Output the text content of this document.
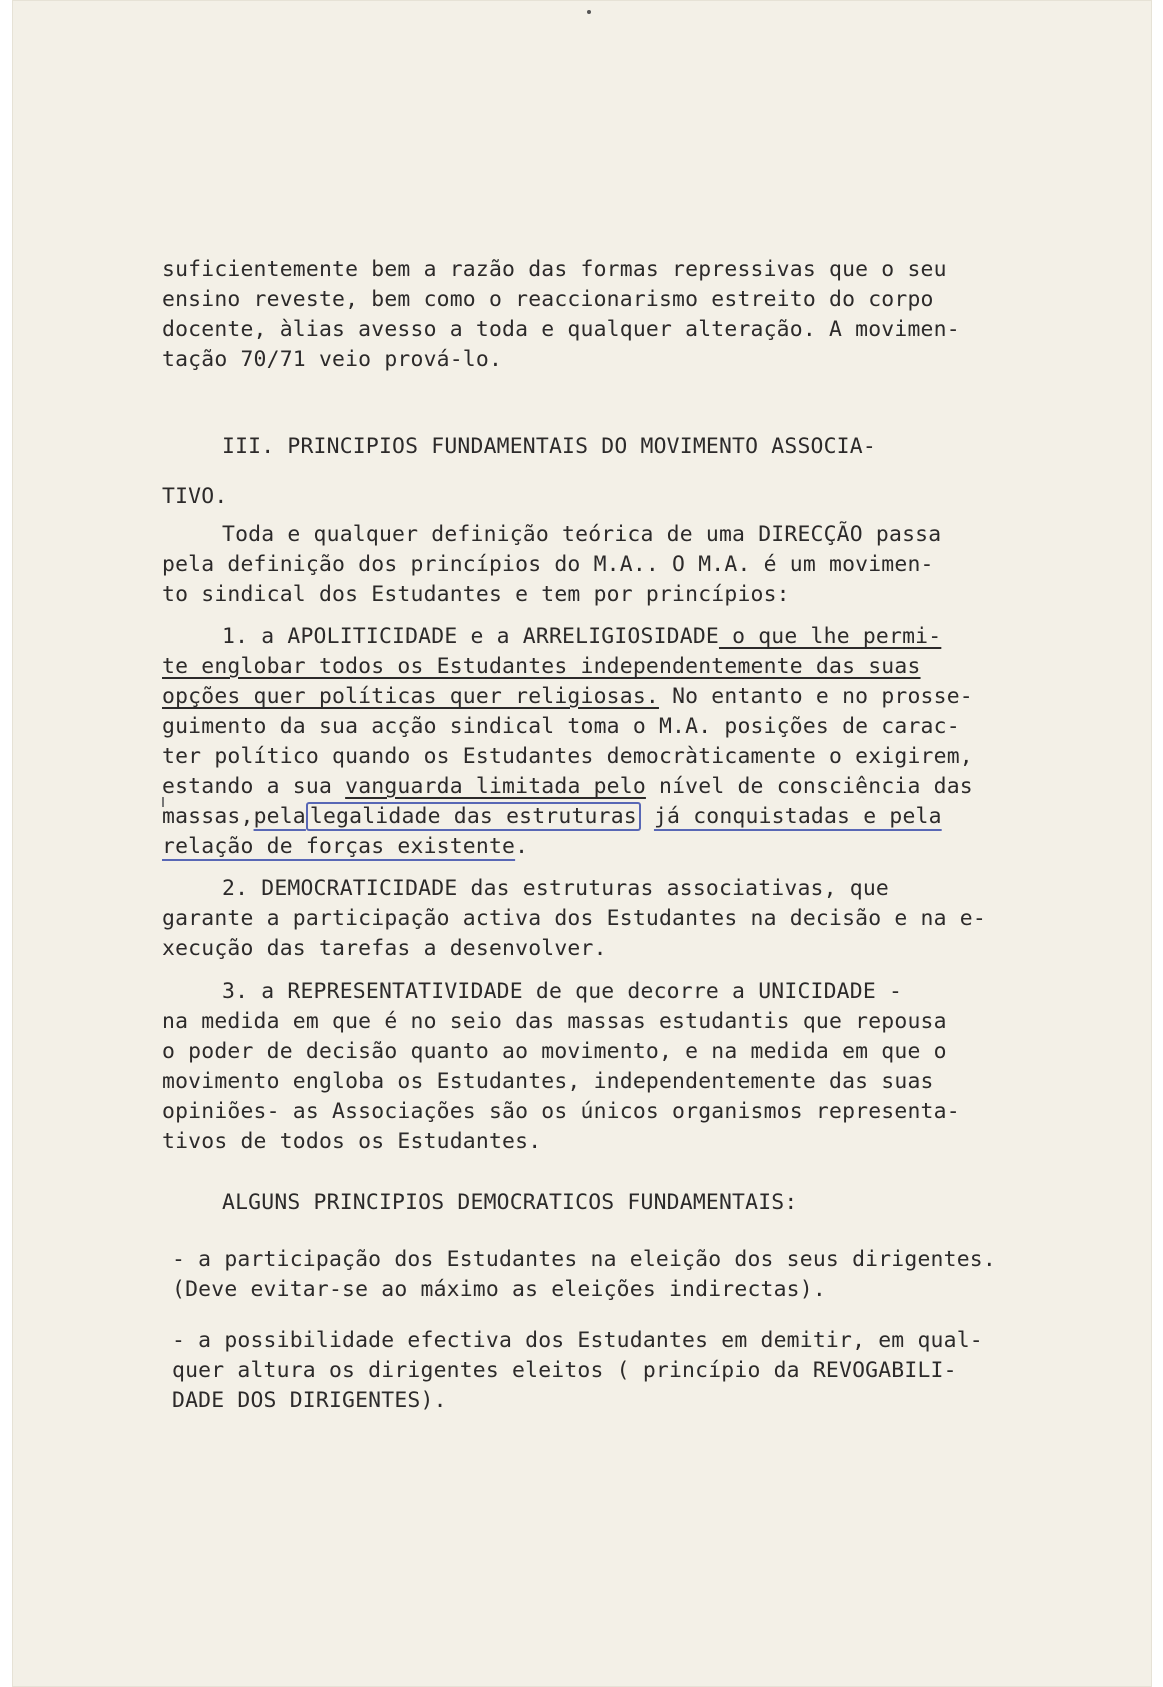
suficientemente bem a razão das formas repressivas que o seu
ensino reveste, bem como o reaccionarismo estreito do corpo
docente, àlias avesso a toda e qualquer alteração. A movimen-
tação 70/71 veio prová-lo.
III. PRINCIPIOS FUNDAMENTAIS DO MOVIMENTO ASSOCIA-
TIVO.
Toda e qualquer definição teórica de uma DIRECÇÃO passa
pela definição dos princípios do M.A.. O M.A. é um movimen-
to sindical dos Estudantes e tem por princípios:
1. a APOLITICIDADE e a ARRELIGIOSIDADE o que lhe permi-
te englobar todos os Estudantes independentemente das suas
opções quer políticas quer religiosas. No entanto e no prosse-
guimento da sua acção sindical toma o M.A. posições de carac-
ter político quando os Estudantes democràticamente o exigirem,
estando a sua vanguarda limitada pelo nível de consciência das
massas,pela legalidade das estruturas já conquistadas e pela
relação de forças existente.
2. DEMOCRATICIDADE das estruturas associativas, que
garante a participação activa dos Estudantes na decisão e na e-
xecução das tarefas a desenvolver.
3. a REPRESENTATIVIDADE de que decorre a UNICIDADE -
na medida em que é no seio das massas estudantis que repousa
o poder de decisão quanto ao movimento, e na medida em que o
movimento engloba os Estudantes, independentemente das suas
opiniões- as Associações são os únicos organismos representa-
tivos de todos os Estudantes.
ALGUNS PRINCIPIOS DEMOCRATICOS FUNDAMENTAIS:
- a participação dos Estudantes na eleição dos seus dirigentes.
(Deve evitar-se ao máximo as eleições indirectas).
- a possibilidade efectiva dos Estudantes em demitir, em qual-
quer altura os dirigentes eleitos ( princípio da REVOGABILI-
DADE DOS DIRIGENTES).
